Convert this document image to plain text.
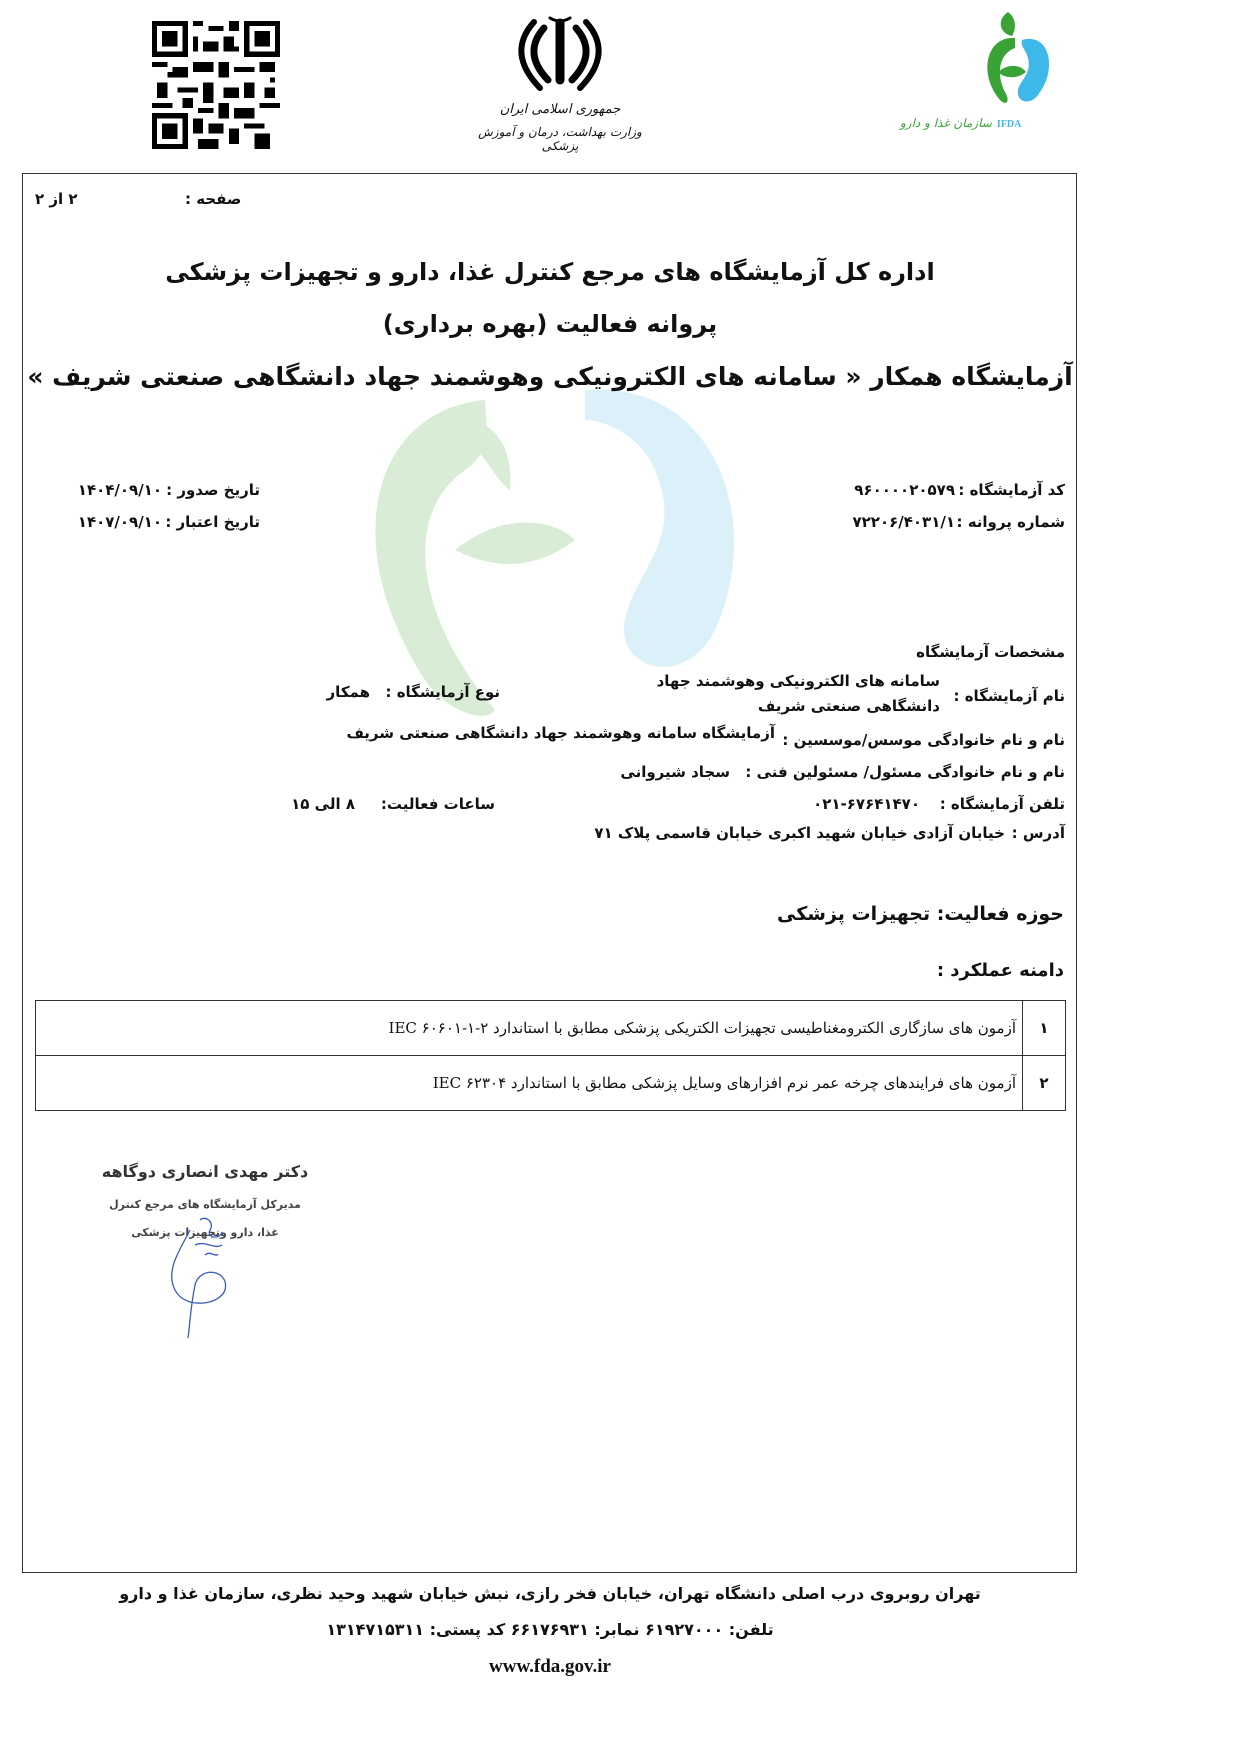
جمهوری اسلامی ایران
وزارت بهداشت، درمان و آموزش پزشکی
سازمان غذا و دارو IFDA
صفحه :
۲ از ۲
اداره کل آزمایشگاه های مرجع کنترل غذا، دارو و تجهیزات پزشکی
پروانه فعالیت (بهره برداری)
آزمایشگاه همکار « سامانه های الکترونیکی وهوشمند جهاد دانشگاهی صنعتی شریف »
کد آزمایشگاه :
۹۶۰۰۰۰۲۰۵۷۹
شماره پروانه :
۷۲۲۰۶/۴۰۳۱/۱
تاریخ صدور :
۱۴۰۴/۰۹/۱۰
تاریخ اعتبار :
۱۴۰۷/۰۹/۱۰
مشخصات آزمایشگاه
نام آزمایشگاه :
سامانه های الکترونیکی وهوشمند جهاد
دانشگاهی صنعتی شریف
نوع آزمایشگاه :
همکار
نام و نام خانوادگی موسس/موسسین :
آزمایشگاه سامانه وهوشمند جهاد دانشگاهی صنعتی شریف
نام و نام خانوادگی مسئول/ مسئولین فنی :
سجاد شیروانی
تلفن آزمایشگاه :
۰۲۱-۶۷۶۴۱۴۷۰
ساعات فعالیت:
۸ الی ۱۵
آدرس :
خیابان آزادی خیابان شهید اکبری خیابان قاسمی پلاک ۷۱
حوزه فعالیت: تجهیزات پزشکی
دامنه عملکرد :
۱	آزمون های سازگاری الکترومغناطیسی تجهیزات الکتریکی پزشکی مطابق با استاندارد ۲-۱-۶۰۶۰۱ IEC
۲	آزمون های فرایندهای چرخه عمر نرم افزارهای وسایل پزشکی مطابق با استاندارد ۶۲۳۰۴ IEC
دکتر مهدی انصاری دوگاهه
مدیرکل آزمایشگاه های مرجع کنترل
غذا، دارو وتجهیزات پزشکی
تهران روبروی درب اصلی دانشگاه تهران، خیابان فخر رازی، نبش خیابان شهید وحید نظری، سازمان غذا و دارو
تلفن: ۶۱۹۲۷۰۰۰ نمابر: ۶۶۱۷۶۹۳۱ کد پستی: ۱۳۱۴۷۱۵۳۱۱
www.fda.gov.ir
